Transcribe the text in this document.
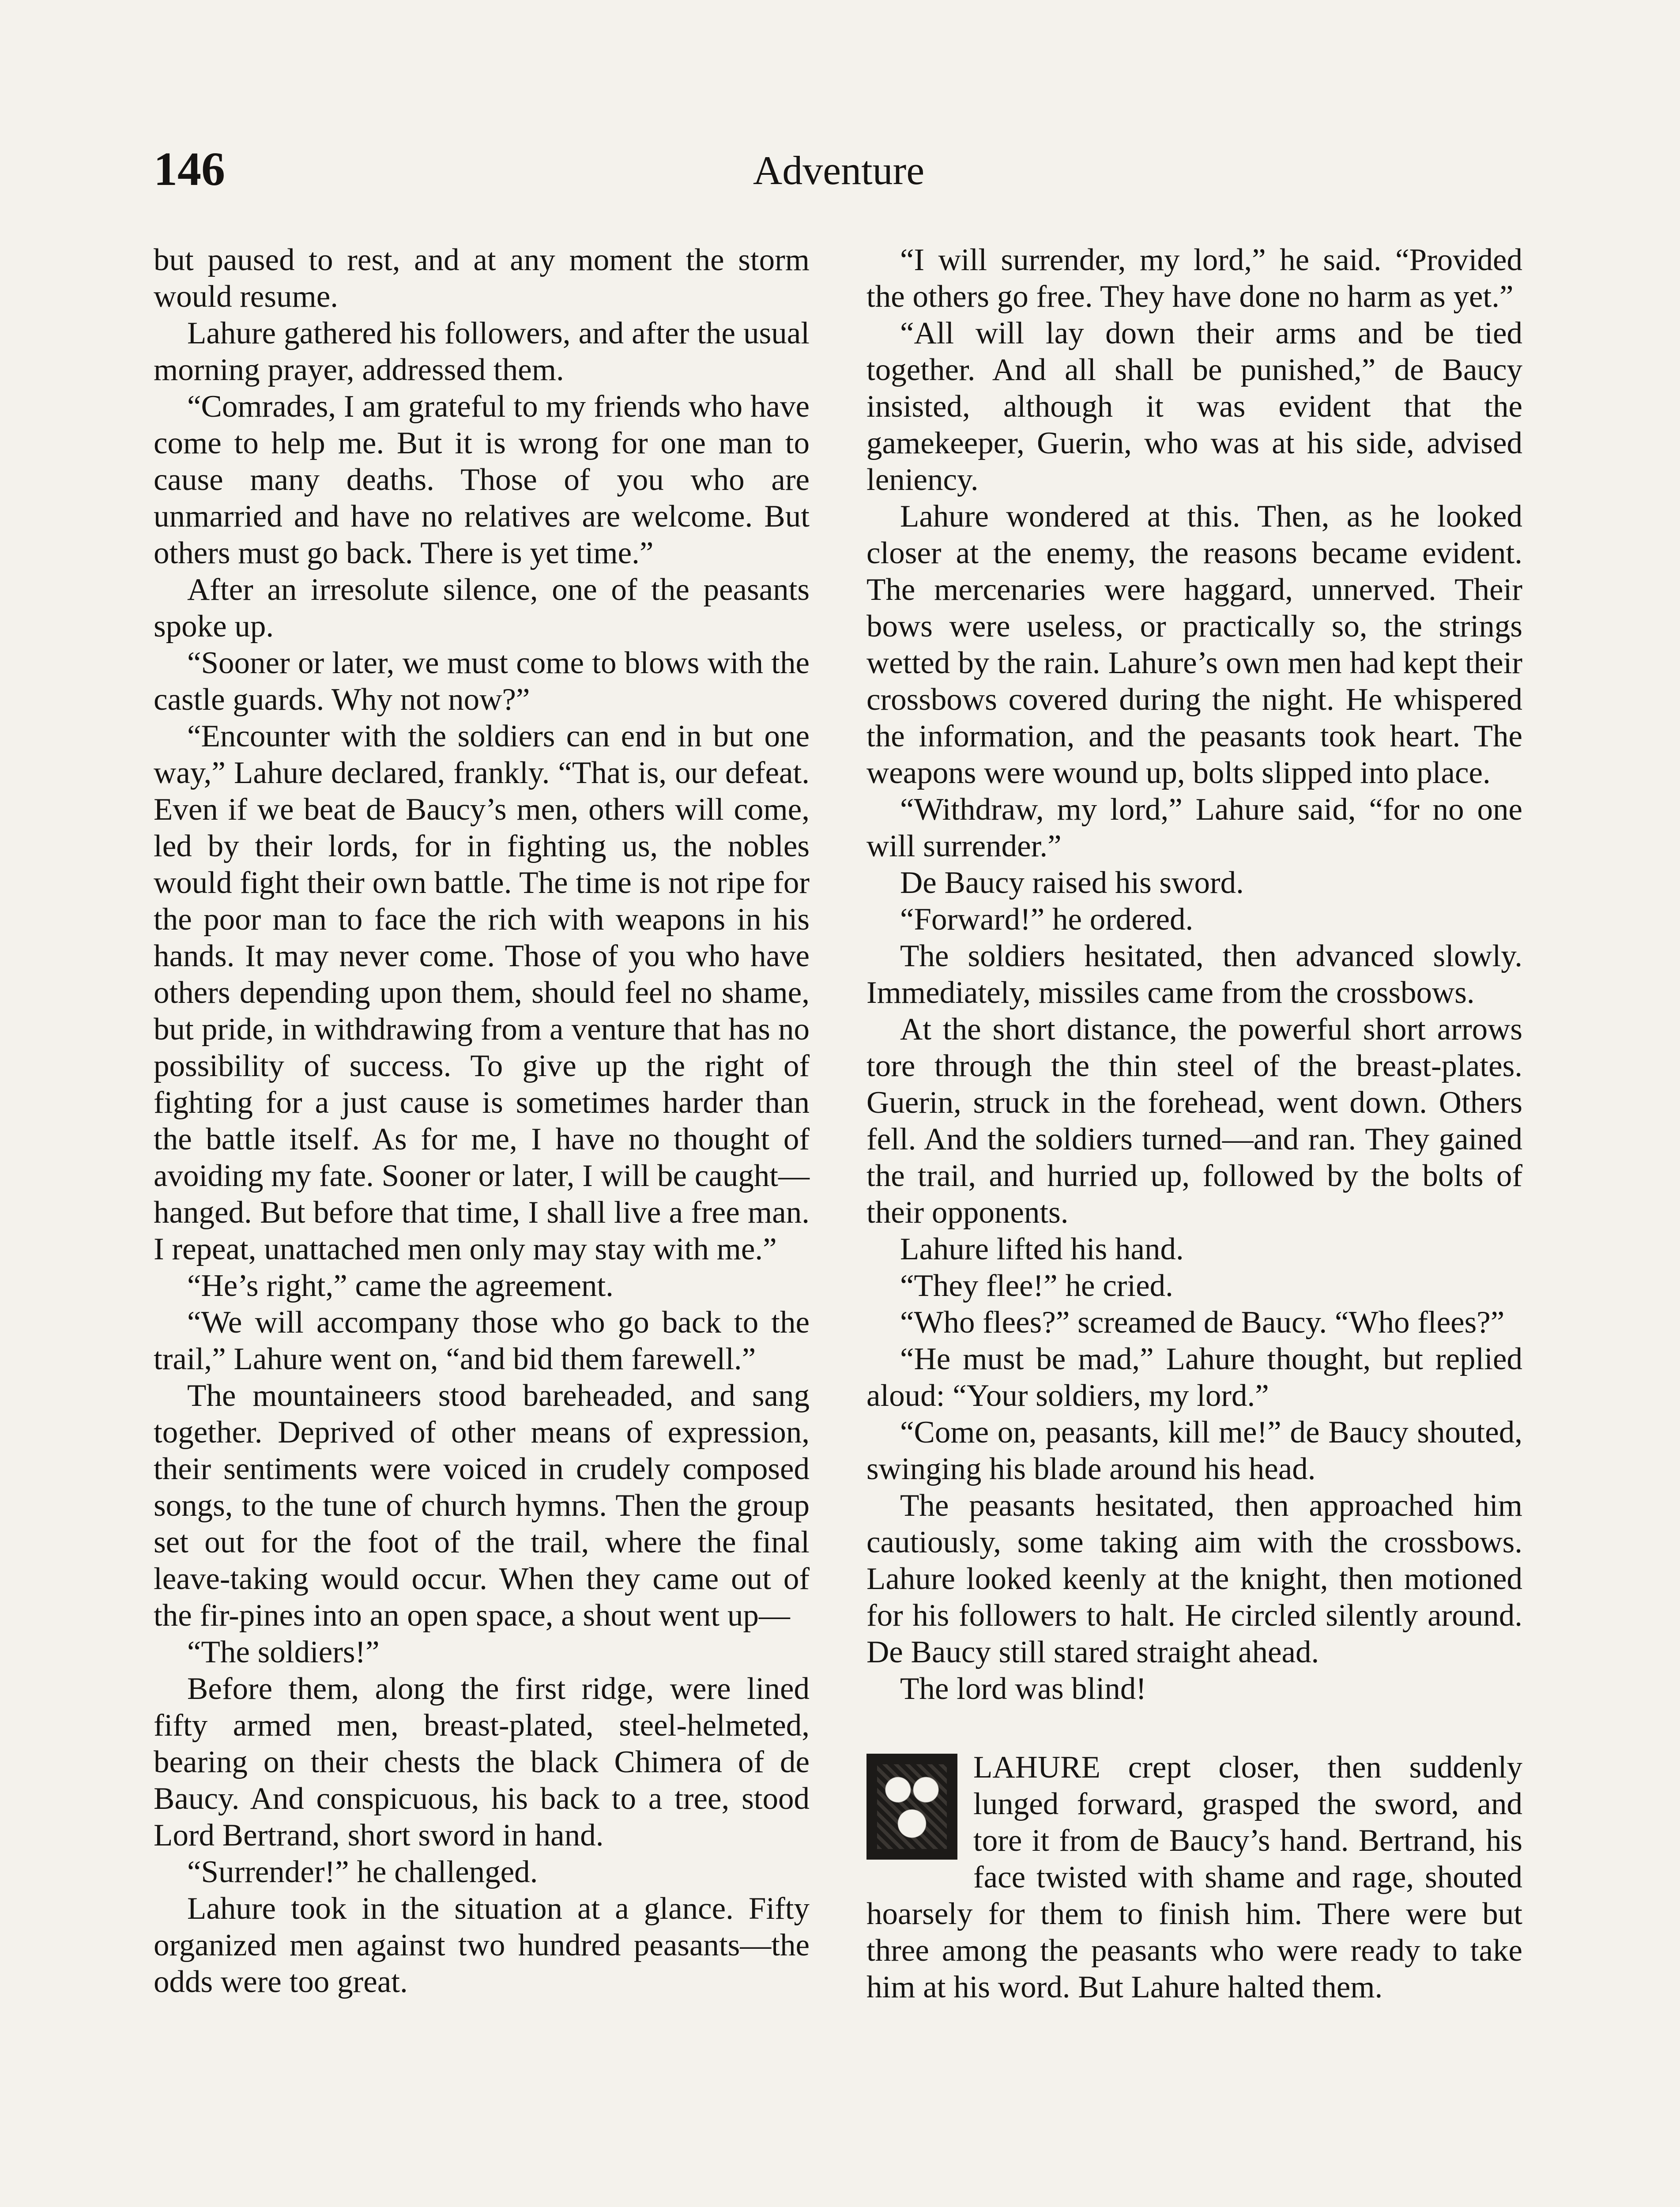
146	Adventure

but paused to rest, and at any moment the storm would resume.

Lahure gathered his followers, and after the usual morning prayer, addressed them.

“Comrades, I am grateful to my friends who have come to help me. But it is wrong for one man to cause many deaths. Those of you who are unmarried and have no relatives are welcome. But others must go back. There is yet time.”

After an irresolute silence, one of the peasants spoke up.

“Sooner or later, we must come to blows with the castle guards. Why not now?”

“Encounter with the soldiers can end in but one way,” Lahure declared, frankly. “That is, our defeat. Even if we beat de Baucy’s men, others will come, led by their lords, for in fighting us, the nobles would fight their own battle. The time is not ripe for the poor man to face the rich with weapons in his hands. It may never come. Those of you who have others depending upon them, should feel no shame, but pride, in withdrawing from a venture that has no possibility of success. To give up the right of fighting for a just cause is sometimes harder than the battle itself. As for me, I have no thought of avoiding my fate. Sooner or later, I will be caught—hanged. But before that time, I shall live a free man. I repeat, unattached men only may stay with me.”

“He’s right,” came the agreement.

“We will accompany those who go back to the trail,” Lahure went on, “and bid them farewell.”

The mountaineers stood bareheaded, and sang together. Deprived of other means of expression, their sentiments were voiced in crudely composed songs, to the tune of church hymns. Then the group set out for the foot of the trail, where the final leave-taking would occur. When they came out of the fir-pines into an open space, a shout went up—

“The soldiers!”

Before them, along the first ridge, were lined fifty armed men, breast-plated, steel-helmeted, bearing on their chests the black Chimera of de Baucy. And conspicuous, his back to a tree, stood Lord Bertrand, short sword in hand.

“Surrender!” he challenged.

Lahure took in the situation at a glance. Fifty organized men against two hundred peasants—the odds were too great.

“I will surrender, my lord,” he said. “Provided the others go free. They have done no harm as yet.”

“All will lay down their arms and be tied together. And all shall be punished,” de Baucy insisted, although it was evident that the gamekeeper, Guerin, who was at his side, advised leniency.

Lahure wondered at this. Then, as he looked closer at the enemy, the reasons became evident. The mercenaries were haggard, unnerved. Their bows were useless, or practically so, the strings wetted by the rain. Lahure’s own men had kept their crossbows covered during the night. He whispered the information, and the peasants took heart. The weapons were wound up, bolts slipped into place.

“Withdraw, my lord,” Lahure said, “for no one will surrender.”

De Baucy raised his sword.

“Forward!” he ordered.

The soldiers hesitated, then advanced slowly. Immediately, missiles came from the crossbows.

At the short distance, the powerful short arrows tore through the thin steel of the breast-plates. Guerin, struck in the forehead, went down. Others fell. And the soldiers turned—and ran. They gained the trail, and hurried up, followed by the bolts of their opponents.

Lahure lifted his hand.

“They flee!” he cried.

“Who flees?” screamed de Baucy. “Who flees?”

“He must be mad,” Lahure thought, but replied aloud: “Your soldiers, my lord.”

“Come on, peasants, kill me!” de Baucy shouted, swinging his blade around his head.

The peasants hesitated, then approached him cautiously, some taking aim with the crossbows. Lahure looked keenly at the knight, then motioned for his followers to halt. He circled silently around. De Baucy still stared straight ahead.

The lord was blind!

LAHURE crept closer, then suddenly lunged forward, grasped the sword, and tore it from de Baucy’s hand. Bertrand, his face twisted with shame and rage, shouted hoarsely for them to finish him. There were but three among the peasants who were ready to take him at his word. But Lahure halted them.
